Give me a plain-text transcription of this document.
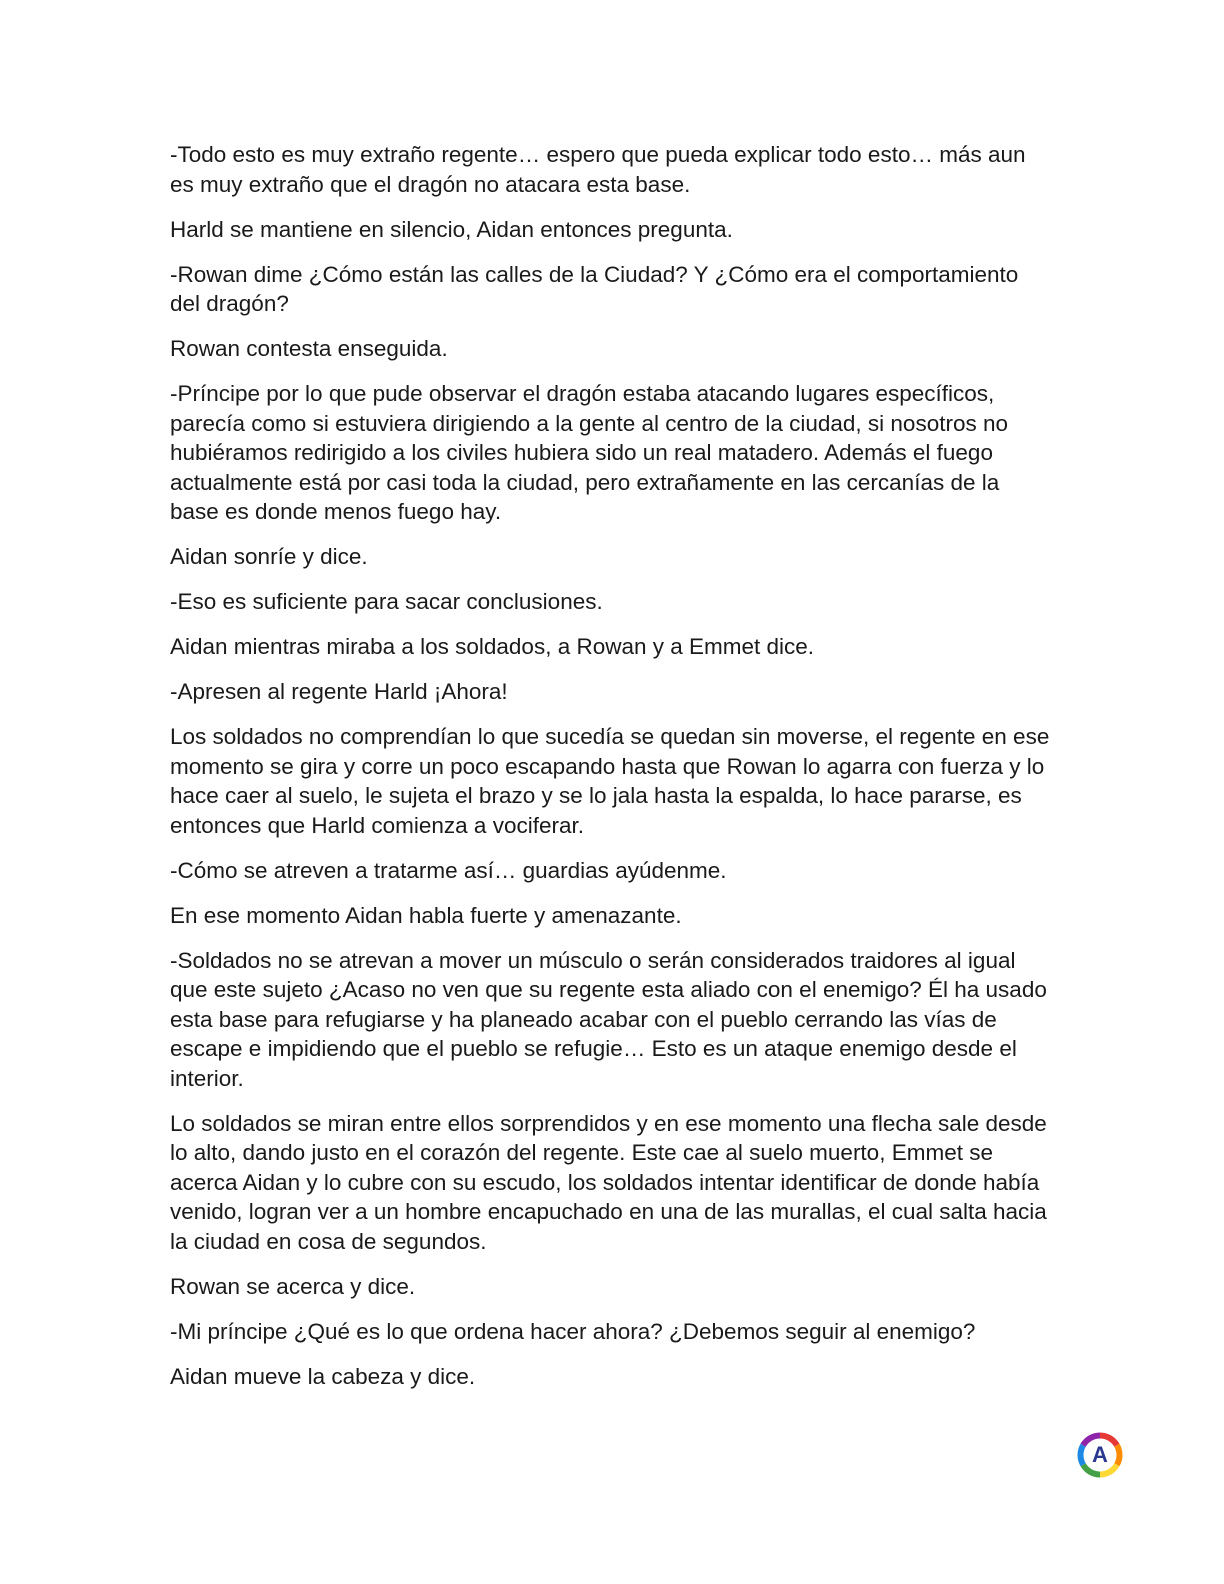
-Todo esto es muy extraño regente… espero que pueda explicar todo esto… más aun es muy extraño que el dragón no atacara esta base.

Harld se mantiene en silencio, Aidan entonces pregunta.

-Rowan dime ¿Cómo están las calles de la Ciudad? Y ¿Cómo era el comportamiento del dragón?

Rowan contesta enseguida.

-Príncipe por lo que pude observar el dragón estaba atacando lugares específicos, parecía como si estuviera dirigiendo a la gente al centro de la ciudad, si nosotros no hubiéramos redirigido a los civiles hubiera sido un real matadero. Además el fuego actualmente está por casi toda la ciudad, pero extrañamente en las cercanías de la base es donde menos fuego hay.

Aidan sonríe y dice.

-Eso es suficiente para sacar conclusiones.

Aidan mientras miraba a los soldados, a Rowan y a Emmet dice.

-Apresen al regente Harld ¡Ahora!

Los soldados no comprendían lo que sucedía se quedan sin moverse, el regente en ese momento se gira y corre un poco escapando hasta que Rowan lo agarra con fuerza y lo hace caer al suelo, le sujeta el brazo y se lo jala hasta la espalda, lo hace pararse, es entonces que Harld comienza a vociferar.

-Cómo se atreven a tratarme así… guardias ayúdenme.

En ese momento Aidan habla fuerte y amenazante.

-Soldados no se atrevan a mover un músculo o serán considerados traidores al igual que este sujeto ¿Acaso no ven que su regente esta aliado con el enemigo? Él ha usado esta base para refugiarse y ha planeado acabar con el pueblo cerrando las vías de escape e impidiendo que el pueblo se refugie… Esto es un ataque enemigo desde el interior.

Lo soldados se miran entre ellos sorprendidos y en ese momento una flecha sale desde lo alto, dando justo en el corazón del regente. Este cae al suelo muerto, Emmet se acerca Aidan y lo cubre con su escudo, los soldados intentar identificar de donde había venido, logran ver a un hombre encapuchado en una de las murallas, el cual salta hacia la ciudad en cosa de segundos.

Rowan se acerca y dice.

-Mi príncipe ¿Qué es lo que ordena hacer ahora? ¿Debemos seguir al enemigo?

Aidan mueve la cabeza y dice.

A
